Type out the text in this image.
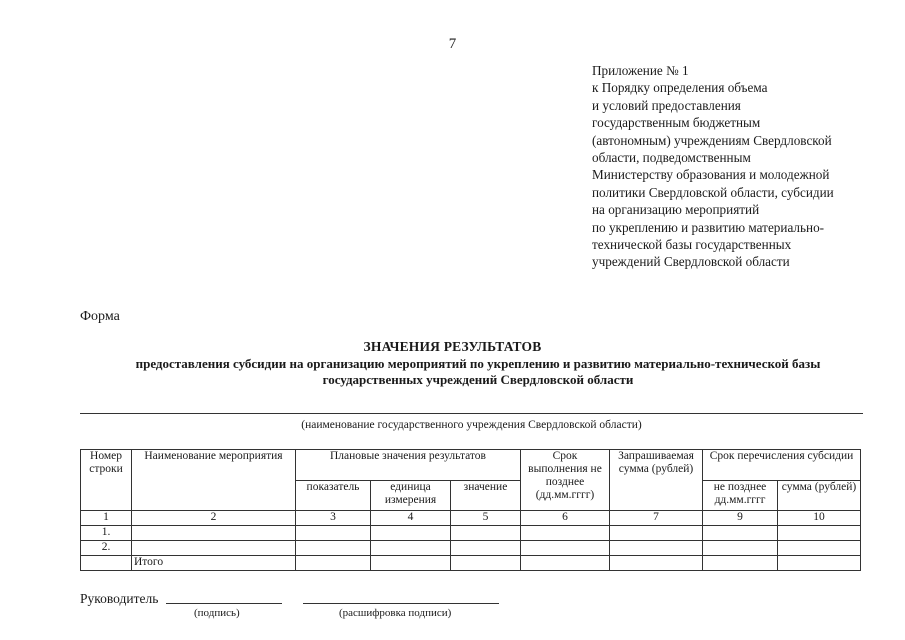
7
Приложение № 1
к Порядку определения объема
и условий предоставления
государственным бюджетным
(автономным) учреждениям Свердловской
области, подведомственным
Министерству образования и молодежной
политики Свердловской области, субсидии
на организацию мероприятий
по укреплению и развитию материально-
технической базы государственных
учреждений Свердловской области
Форма
ЗНАЧЕНИЯ РЕЗУЛЬТАТОВ
предоставления субсидии на организацию мероприятий по укреплению и развитию материально-технической базы
государственных учреждений Свердловской области
(наименование государственного учреждения Свердловской области)
Номер строки	Наименование мероприятия	Плановые значения результатов			Срок выполнения не позднее (дд.мм.гггг)	Запрашиваемая сумма (рублей)	Срок перечисления субсидии	
		показатель	единица измерения	значение			не позднее дд.мм.гггг	сумма (рублей)
1	2	3	4	5	6	7	9	10
1.								
2.								
	Итого							
Руководитель
(подпись)	(расшифровка подписи)
